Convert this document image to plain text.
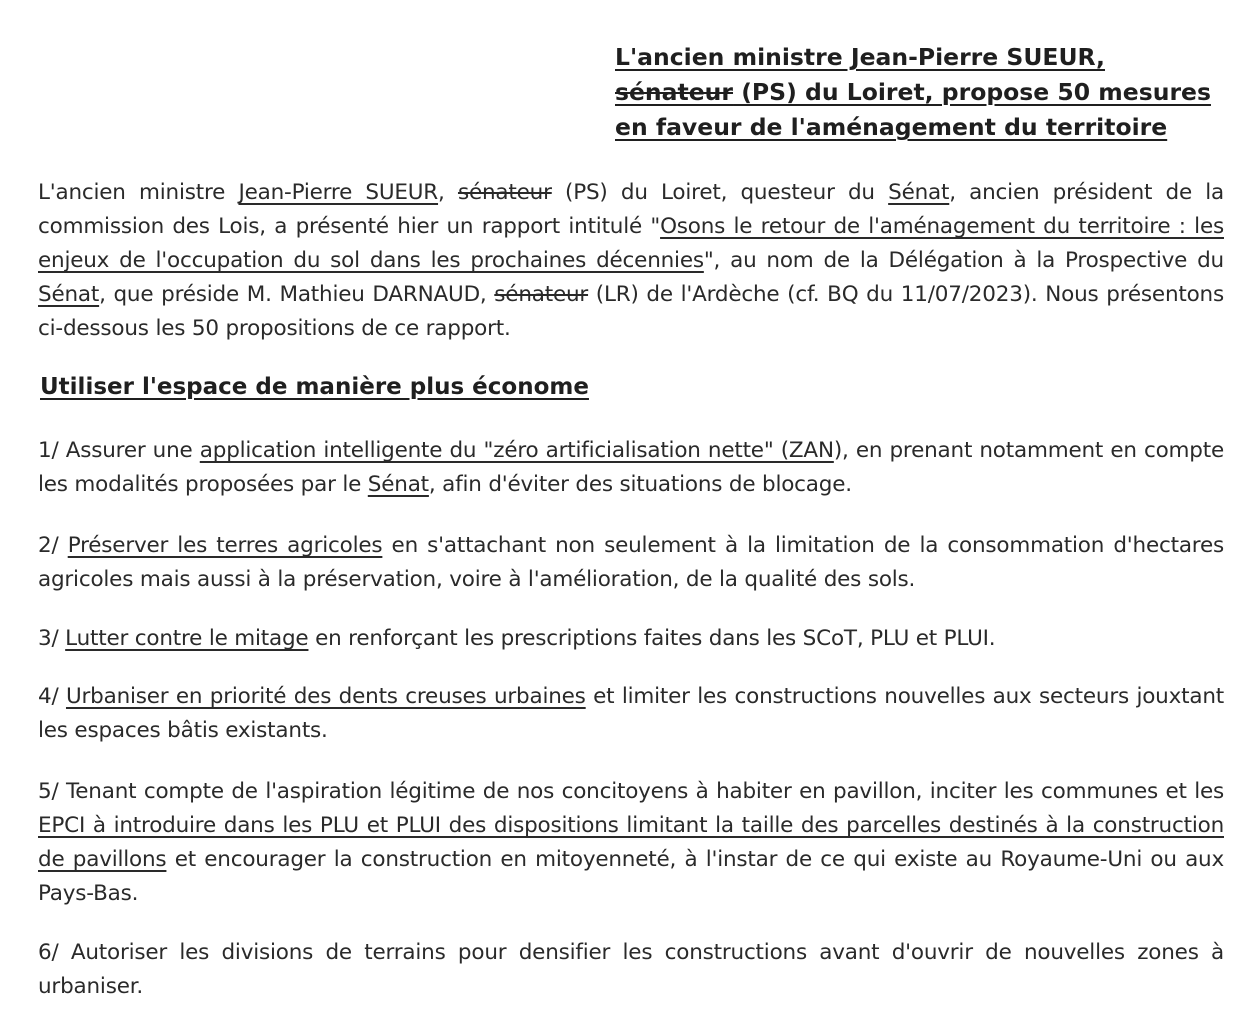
L'ancien ministre Jean-Pierre SUEUR, sénateur (PS) du Loiret, propose 50 mesures en faveur de l'aménagement du territoire
L'ancien ministre Jean-Pierre SUEUR, sénateur (PS) du Loiret, questeur du Sénat, ancien président de la commission des Lois, a présenté hier un rapport intitulé "Osons le retour de l'aménagement du territoire : les enjeux de l'occupation du sol dans les prochaines décennies", au nom de la Délégation à la Prospective du Sénat, que préside M. Mathieu DARNAUD, sénateur (LR) de l'Ardèche (cf. BQ du 11/07/2023). Nous présentons ci-dessous les 50 propositions de ce rapport.
Utiliser l'espace de manière plus économe
1/ Assurer une application intelligente du "zéro artificialisation nette" (ZAN), en prenant notamment en compte les modalités proposées par le Sénat, afin d'éviter des situations de blocage.
2/ Préserver les terres agricoles en s'attachant non seulement à la limitation de la consommation d'hectares agricoles mais aussi à la préservation, voire à l'amélioration, de la qualité des sols.
3/ Lutter contre le mitage en renforçant les prescriptions faites dans les SCoT, PLU et PLUI.
4/ Urbaniser en priorité des dents creuses urbaines et limiter les constructions nouvelles aux secteurs jouxtant les espaces bâtis existants.
5/ Tenant compte de l'aspiration légitime de nos concitoyens à habiter en pavillon, inciter les communes et les EPCI à introduire dans les PLU et PLUI des dispositions limitant la taille des parcelles destinés à la construction de pavillons et encourager la construction en mitoyenneté, à l'instar de ce qui existe au Royaume-Uni ou aux Pays-Bas.
6/ Autoriser les divisions de terrains pour densifier les constructions avant d'ouvrir de nouvelles zones à urbaniser.
